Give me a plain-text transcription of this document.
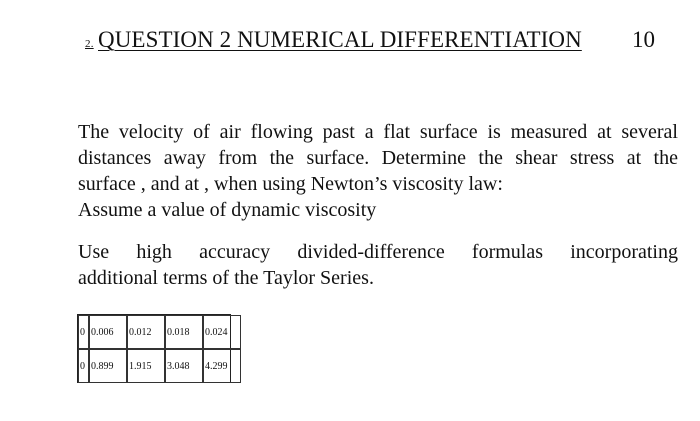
2. QUESTION 2 NUMERICAL DIFFERENTIATION 10
The velocity of air flowing past a flat surface is measured at several
distances away from the surface. Determine the shear stress at the
surface , and at , when using Newton’s viscosity law:
Assume a value of dynamic viscosity
Use high accuracy divided-difference formulas incorporating
additional terms of the Taylor Series.
0	0.006	0.012	0.018	0.024
0	0.899	1.915	3.048	4.299
